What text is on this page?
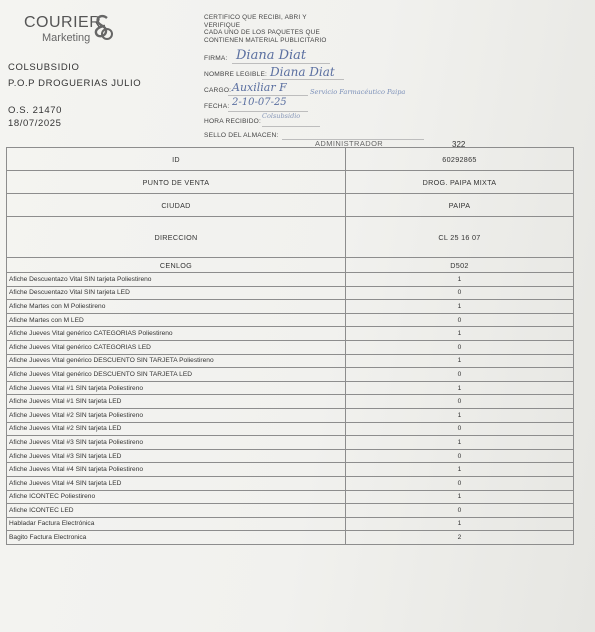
COURIER
Marketing
COLSUBSIDIO
P.O.P DROGUERIAS JULIO
O.S. 21470
18/07/2025
CERTIFICO QUE RECIBI, ABRI Y
VERIFIQUE
CADA UNO DE LOS PAQUETES QUE
CONTIENEN MATERIAL PUBLICITARIO
FIRMA: Diana Diat
NOMBRE LEGIBLE: Diana Diat
CARGO: Auxiliar F	Servicio Farmacéutico Paipa
FECHA: 2-10-07-25
HORA RECIBIDO:
Colsubsidio
SELLO DEL ALMACEN:
ADMINISTRADOR	322
ID	60292865
PUNTO DE VENTA	DROG. PAIPA MIXTA
CIUDAD	PAIPA
DIRECCION	CL 25 16 07
CENLOG	D502
Afiche Descuentazo Vital SIN tarjeta Poliestireno	1
Afiche Descuentazo Vital SIN tarjeta LED	0
Afiche Martes con M Poliestireno	1
Afiche Martes con M LED	0
Afiche Jueves Vital genérico CATEGORIAS Poliestireno	1
Afiche Jueves Vital genérico CATEGORIAS LED	0
Afiche Jueves Vital genérico DESCUENTO SIN TARJETA Poliestireno	1
Afiche Jueves Vital genérico DESCUENTO SIN TARJETA LED	0
Afiche Jueves Vital #1 SIN tarjeta Poliestireno	1
Afiche Jueves Vital #1 SIN tarjeta LED	0
Afiche Jueves Vital #2 SIN tarjeta Poliestireno	1
Afiche Jueves Vital #2 SIN tarjeta LED	0
Afiche Jueves Vital #3 SIN tarjeta Poliestireno	1
Afiche Jueves Vital #3 SIN tarjeta LED	0
Afiche Jueves Vital #4 SIN tarjeta Poliestireno	1
Afiche Jueves Vital #4 SIN tarjeta LED	0
Afiche ICONTEC Poliestireno	1
Afiche ICONTEC LED	0
Habladar Factura Electrónica	1
Bagito Factura Electronica	2
